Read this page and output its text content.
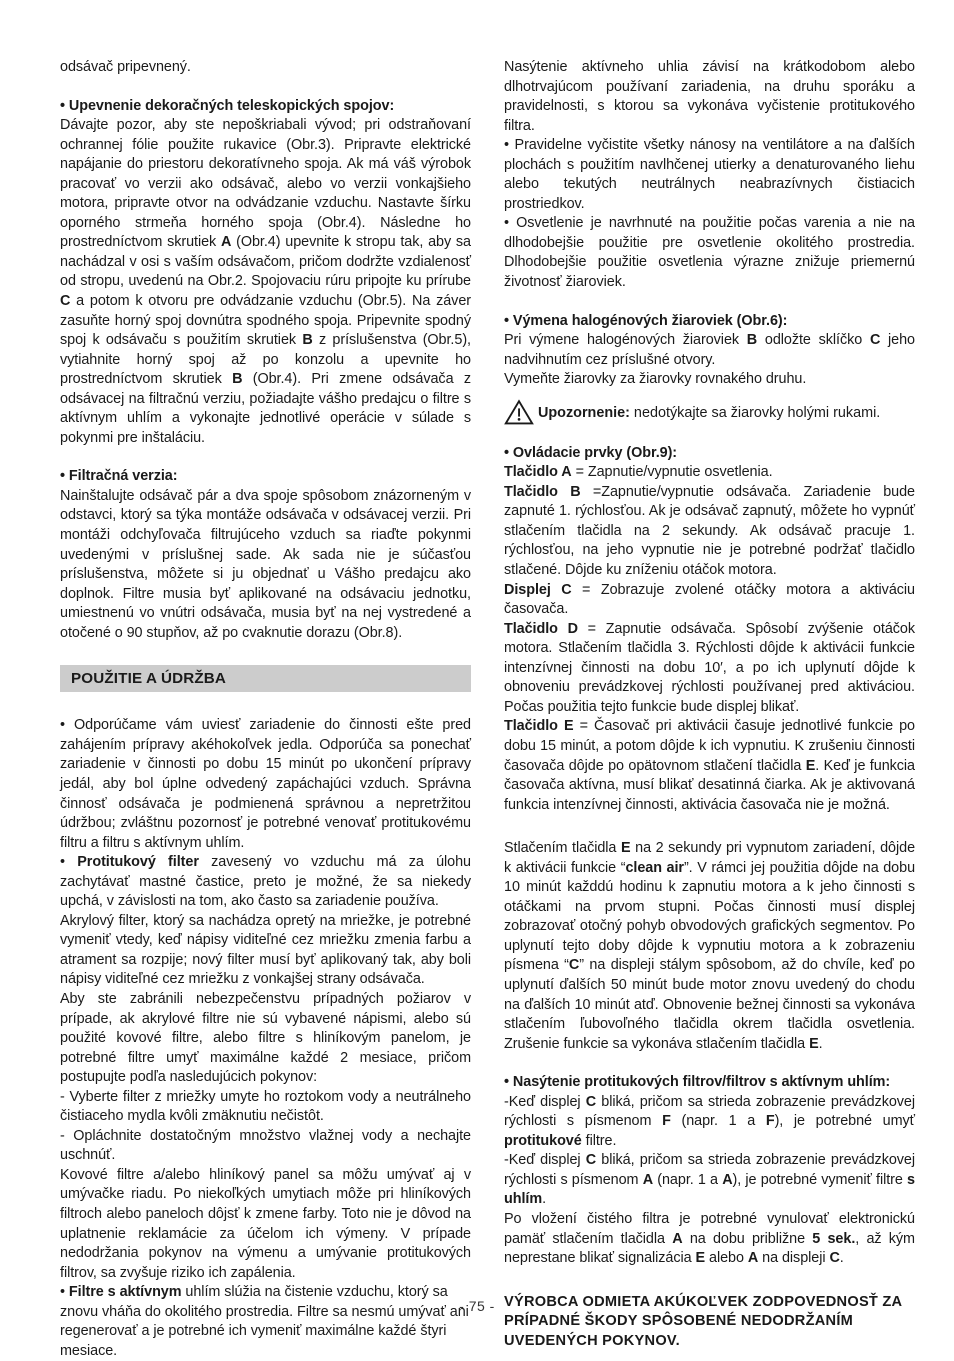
odsávač pripevnený.

• Upevnenie dekoračných teleskopických spojov:

Dávajte pozor, aby ste nepoškriabali vývod; pri odstraňovaní ochrannej fólie použite rukavice (Obr.3). Pripravte elektrické napájanie do priestoru dekoratívneho spoja. Ak má váš výrobok pracovať vo verzii ako odsávač, alebo vo verzii vonkajšieho motora, pripravte otvor na odvádzanie vzduchu. Nastavte šírku oporného strmeňa horného spoja (Obr.4). Následne ho prostredníctvom skrutiek A (Obr.4) upevnite k stropu tak, aby sa nachádzal v osi s vaším odsávačom, pričom dodržte vzdialenosť od stropu, uvedenú na Obr.2. Spojovaciu rúru pripojte ku prírube C a potom k otvoru pre odvádzanie vzduchu (Obr.5). Na záver zasuňte horný spoj dovnútra spodného spoja. Pripevnite spodný spoj k odsávaču s použitím skrutiek B z príslušenstva (Obr.5), vytiahnite horný spoj až po konzolu a upevnite ho prostredníctvom skrutiek B (Obr.4). Pri zmene odsávača z odsávacej na filtračnú verziu, požiadajte vášho predajcu o filtre s aktívnym uhlím a vykonajte jednotlivé operácie v súlade s pokynmi pre inštaláciu.

• Filtračná verzia:

Nainštalujte odsávač pár a dva spoje spôsobom znázorneným v odstavci, ktorý sa týka montáže odsávača v odsávacej verzii. Pri montáži odchyľovača filtrujúceho vzduch sa riaďte pokynmi uvedenými v príslušnej sade. Ak sada nie je súčasťou príslušenstva, môžete si ju objednať u Vášho predajcu ako doplnok. Filtre musia byť aplikované na odsávaciu jednotku, umiestnenú vo vnútri odsávača, musia byť na nej vystredené a otočené o 90 stupňov, až po cvaknutie dorazu (Obr.8).

POUŽITIE A ÚDRŽBA

• Odporúčame vám uviesť zariadenie do činnosti ešte pred zahájením prípravy akéhokoľvek jedla. Odporúča sa ponechať zariadenie v činnosti po dobu 15 minút po ukončení prípravy jedál, aby bol úplne odvedený zapáchajúci vzduch. Správna činnosť odsávača je podmienená správnou a nepretržitou údržbou; zvláštnu pozornosť je potrebné venovať protitukovému filtru a filtru s aktívnym uhlím.

• Protitukový filter zavesený vo vzduchu má za úlohu zachytávať mastné častice, preto je možné, že sa niekedy upchá, v závislosti na tom, ako často sa zariadenie používa.

Akrylový filter, ktorý sa nachádza opretý na mriežke, je potrebné vymeniť vtedy, keď nápisy viditeľné cez mriežku zmenia farbu a atrament sa rozpije; nový filter musí byť aplikovaný tak, aby boli nápisy viditeľné cez mriežku z vonkajšej strany odsávača.

Aby ste zabránili nebezpečenstvu prípadných požiarov v prípade, ak akrylové filtre nie sú vybavené nápismi, alebo sú použité kovové filtre, alebo filtre s hliníkovým panelom, je potrebné filtre umyť maximálne každé 2 mesiace, pričom postupujte podľa nasledujúcich pokynov:

- Vyberte filter z mriežky umyte ho roztokom vody a neutrálneho čistiaceho mydla kvôli zmäknutiu nečistôt.

- Opláchnite dostatočným množstvo vlažnej vody a nechajte uschnúť.

Kovové filtre a/alebo hliníkový panel sa môžu umývať aj v umývačke riadu. Po niekoľkých umytiach môže pri hliníkových filtroch alebo paneloch dôjsť k zmene farby. Toto nie je dôvod na uplatnenie reklamácie za účelom ich výmeny. V prípade nedodržania pokynov na výmenu a umývanie protitukových filtrov, sa zvyšuje riziko ich zapálenia.

• Filtre s aktívnym uhlím slúžia na čistenie vzduchu, ktorý sa znovu vháňa do okolitého prostredia. Filtre sa nesmú umývať ani regenerovať a je potrebné ich vymeniť maximálne každé štyri mesiace.

Nasýtenie aktívneho uhlia závisí na krátkodobom alebo dlhotrvajúcom používaní zariadenia, na druhu sporáku a pravidelnosti, s ktorou sa vykonáva vyčistenie protitukového filtra.

• Pravidelne vyčistite všetky nánosy na ventilátore a na ďalších plochách s použitím navlhčenej utierky a denaturovaného liehu alebo tekutých neutrálnych neabrazívnych čistiacich prostriedkov.

• Osvetlenie je navrhnuté na použitie počas varenia a nie na dlhodobejšie použitie pre osvetlenie okolitého prostredia. Dlhodobejšie použitie osvetlenia výrazne znižuje priemernú životnosť žiaroviek.

• Výmena halogénových žiaroviek (Obr.6):

Pri výmene halogénových žiaroviek B odložte sklíčko C jeho nadvihnutím cez príslušné otvory.

Vymeňte žiarovky za žiarovky rovnakého druhu.

Upozornenie: nedotýkajte sa žiarovky holými rukami.

• Ovládacie prvky (Obr.9):

Tlačidlo A = Zapnutie/vypnutie osvetlenia.

Tlačidlo B =Zapnutie/vypnutie odsávača. Zariadenie bude zapnuté 1. rýchlosťou. Ak je odsávač zapnutý, môžete ho vypnúť stlačením tlačidla na 2 sekundy. Ak odsávač pracuje 1. rýchlosťou, na jeho vypnutie nie je potrebné podržať tlačidlo stlačené. Dôjde ku zníženiu otáčok motora.

Displej C = Zobrazuje zvolené otáčky motora a aktiváciu časovača.

Tlačidlo D = Zapnutie odsávača. Spôsobí zvýšenie otáčok motora. Stlačením tlačidla 3. Rýchlosti dôjde k aktivácii funkcie intenzívnej činnosti na dobu 10′, a po ich uplynutí dôjde k obnoveniu prevádzkovej rýchlosti používanej pred aktiváciou. Počas použitia tejto funkcie bude displej blikať.

Tlačidlo E = Časovač pri aktivácii časuje jednotlivé funkcie po dobu 15 minút, a potom dôjde k ich vypnutiu. K zrušeniu činnosti časovača dôjde po opätovnom stlačení tlačidla E. Keď je funkcia časovača aktívna, musí blikať desatinná čiarka. Ak je aktivovaná funkcia intenzívnej činnosti, aktivácia časovača nie je možná.

Stlačením tlačidla E na 2 sekundy pri vypnutom zariadení, dôjde k aktivácii funkcie “clean air”. V rámci jej použitia dôjde na dobu 10 minút každdú hodinu k zapnutiu motora a k jeho činnosti s otáčkami na prvom stupni. Počas činnosti musí displej zobrazovať otočný pohyb obvodových grafických segmentov. Po uplynutí tejto doby dôjde k vypnutiu motora a k zobrazeniu písmena “C” na displeji stálym spôsobom, až do chvíle, keď po uplynutí ďalších 50 minút bude motor znovu uvedený do chodu na ďalších 10 minút atď. Obnovenie bežnej činnosti sa vykonáva stlačením ľubovoľného tlačidla okrem tlačidla osvetlenia. Zrušenie funkcie sa vykonáva stlačením tlačidla E.

• Nasýtenie protitukových filtrov/filtrov s aktívnym uhlím:

-Keď displej C bliká, pričom sa strieda zobrazenie prevádzkovej rýchlosti s písmenom F (napr. 1 a F), je potrebné umyť protitukové filtre.

-Keď displej C bliká, pričom sa strieda zobrazenie prevádzkovej rýchlosti s písmenom A (napr. 1 a A), je potrebné vymeniť filtre s uhlím.

Po vložení čistého filtra je potrebné vynulovať elektronickú pamäť stlačením tlačidla A na dobu približne 5 sek., až kým neprestane blikať signalizácia E alebo A na displeji C.

VÝROBCA ODMIETA AKÚKOĽVEK ZODPOVEDNOSŤ ZA PRÍPADNÉ ŠKODY SPÔSOBENÉ NEDODRŽANÍM UVEDENÝCH POKYNOV.

- 75 -
